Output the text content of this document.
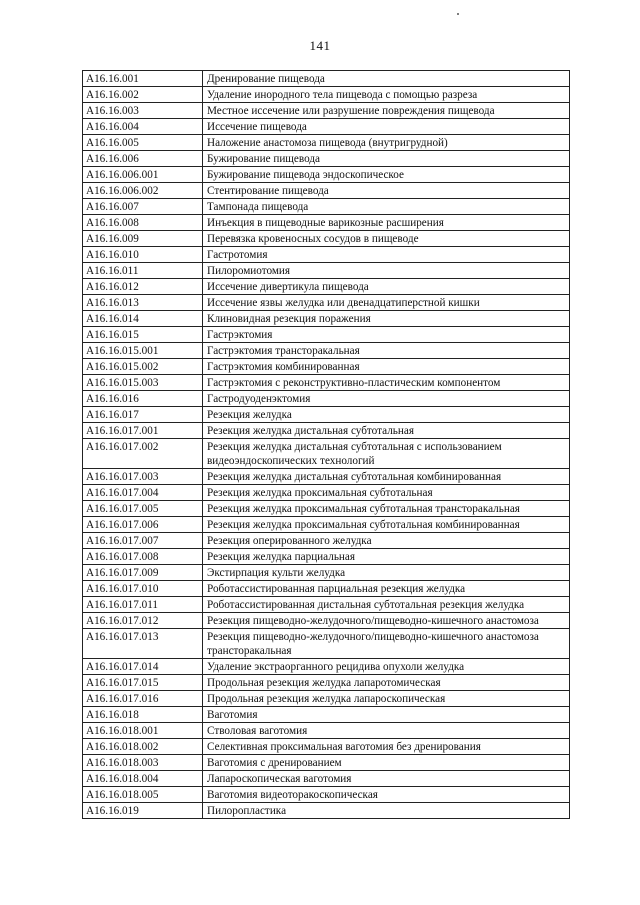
141
А16.16.001	Дренирование пищевода
А16.16.002	Удаление инородного тела пищевода с помощью разреза
А16.16.003	Местное иссечение или разрушение повреждения пищевода
А16.16.004	Иссечение пищевода
А16.16.005	Наложение анастомоза пищевода (внутригрудной)
А16.16.006	Бужирование пищевода
А16.16.006.001	Бужирование пищевода эндоскопическое
А16.16.006.002	Стентирование пищевода
А16.16.007	Тампонада пищевода
А16.16.008	Инъекция в пищеводные варикозные расширения
А16.16.009	Перевязка кровеносных сосудов в пищеводе
А16.16.010	Гастротомия
А16.16.011	Пилоромиотомия
А16.16.012	Иссечение дивертикула пищевода
А16.16.013	Иссечение язвы желудка или двенадцатиперстной кишки
А16.16.014	Клиновидная резекция поражения
А16.16.015	Гастрэктомия
А16.16.015.001	Гастрэктомия трансторакальная
А16.16.015.002	Гастрэктомия комбинированная
А16.16.015.003	Гастрэктомия с реконструктивно-пластическим компонентом
А16.16.016	Гастродуоденэктомия
А16.16.017	Резекция желудка
А16.16.017.001	Резекция желудка дистальная субтотальная
А16.16.017.002	Резекция желудка дистальная субтотальная с использованием видеоэндоскопических технологий
А16.16.017.003	Резекция желудка дистальная субтотальная комбинированная
А16.16.017.004	Резекция желудка проксимальная субтотальная
А16.16.017.005	Резекция желудка проксимальная субтотальная трансторакальная
А16.16.017.006	Резекция желудка проксимальная субтотальная комбинированная
А16.16.017.007	Резекция оперированного желудка
А16.16.017.008	Резекция желудка парциальная
А16.16.017.009	Экстирпация культи желудка
А16.16.017.010	Роботассистированная парциальная резекция желудка
А16.16.017.011	Роботассистированная дистальная субтотальная резекция желудка
А16.16.017.012	Резекция пищеводно-желудочного/пищеводно-кишечного анастомоза
А16.16.017.013	Резекция пищеводно-желудочного/пищеводно-кишечного анастомоза трансторакальная
А16.16.017.014	Удаление экстраорганного рецидива опухоли желудка
А16.16.017.015	Продольная резекция желудка лапаротомическая
А16.16.017.016	Продольная резекция желудка лапароскопическая
А16.16.018	Ваготомия
А16.16.018.001	Стволовая ваготомия
А16.16.018.002	Селективная проксимальная ваготомия без дренирования
А16.16.018.003	Ваготомия с дренированием
А16.16.018.004	Лапароскопическая ваготомия
А16.16.018.005	Ваготомия видеоторакоскопическая
А16.16.019	Пилоропластика
